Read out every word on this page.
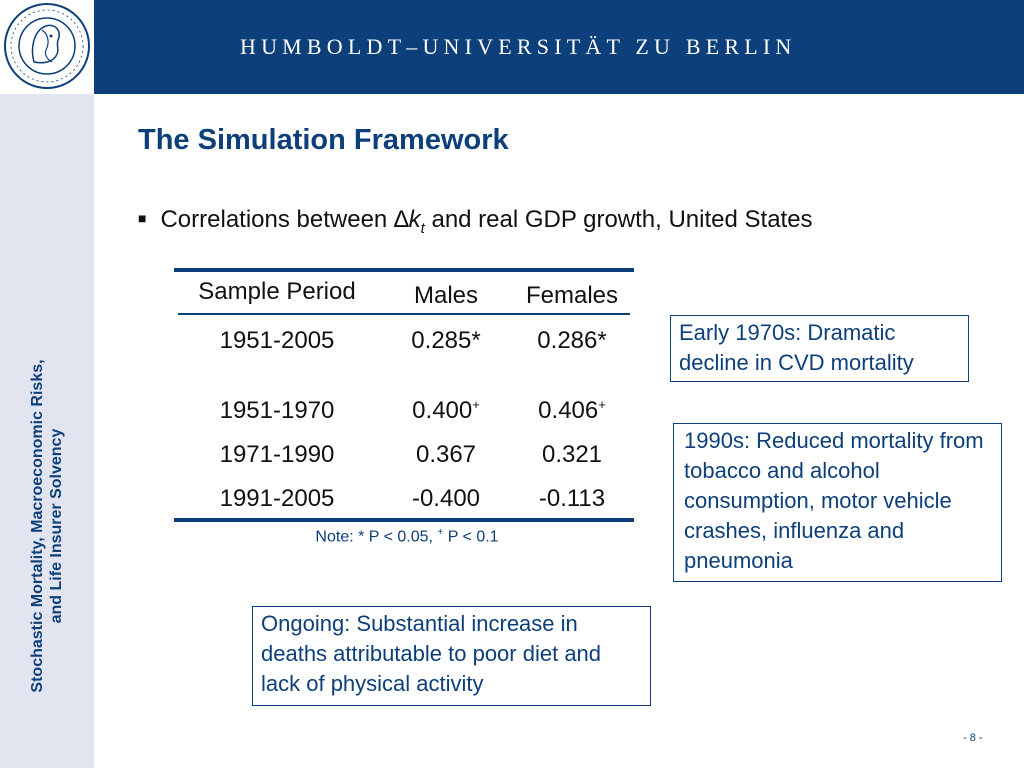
HUMBOLDT–UNIVERSITÄT ZU BERLIN
Stochastic Mortality, Macroeconomic Risks, and Life Insurer Solvency
The Simulation Framework
■ Correlations between $\Delta k_t$ and real GDP growth, United States
Sample Period Males Females
1951-2005	0.285* 0.286*
1951-1970	0.400+ 0.406+
1971-1990	0.367	0.321
1991-2005	-0.400 -0.113
Note: * P < 0.05, + P < 0.1
Early 1970s: Dramatic decline in CVD mortality
1990s: Reduced mortality from tobacco and alcohol consumption, motor vehicle crashes, influenza and pneumonia
Ongoing: Substantial increase in deaths attributable to poor diet and lack of physical activity
- 8 -
